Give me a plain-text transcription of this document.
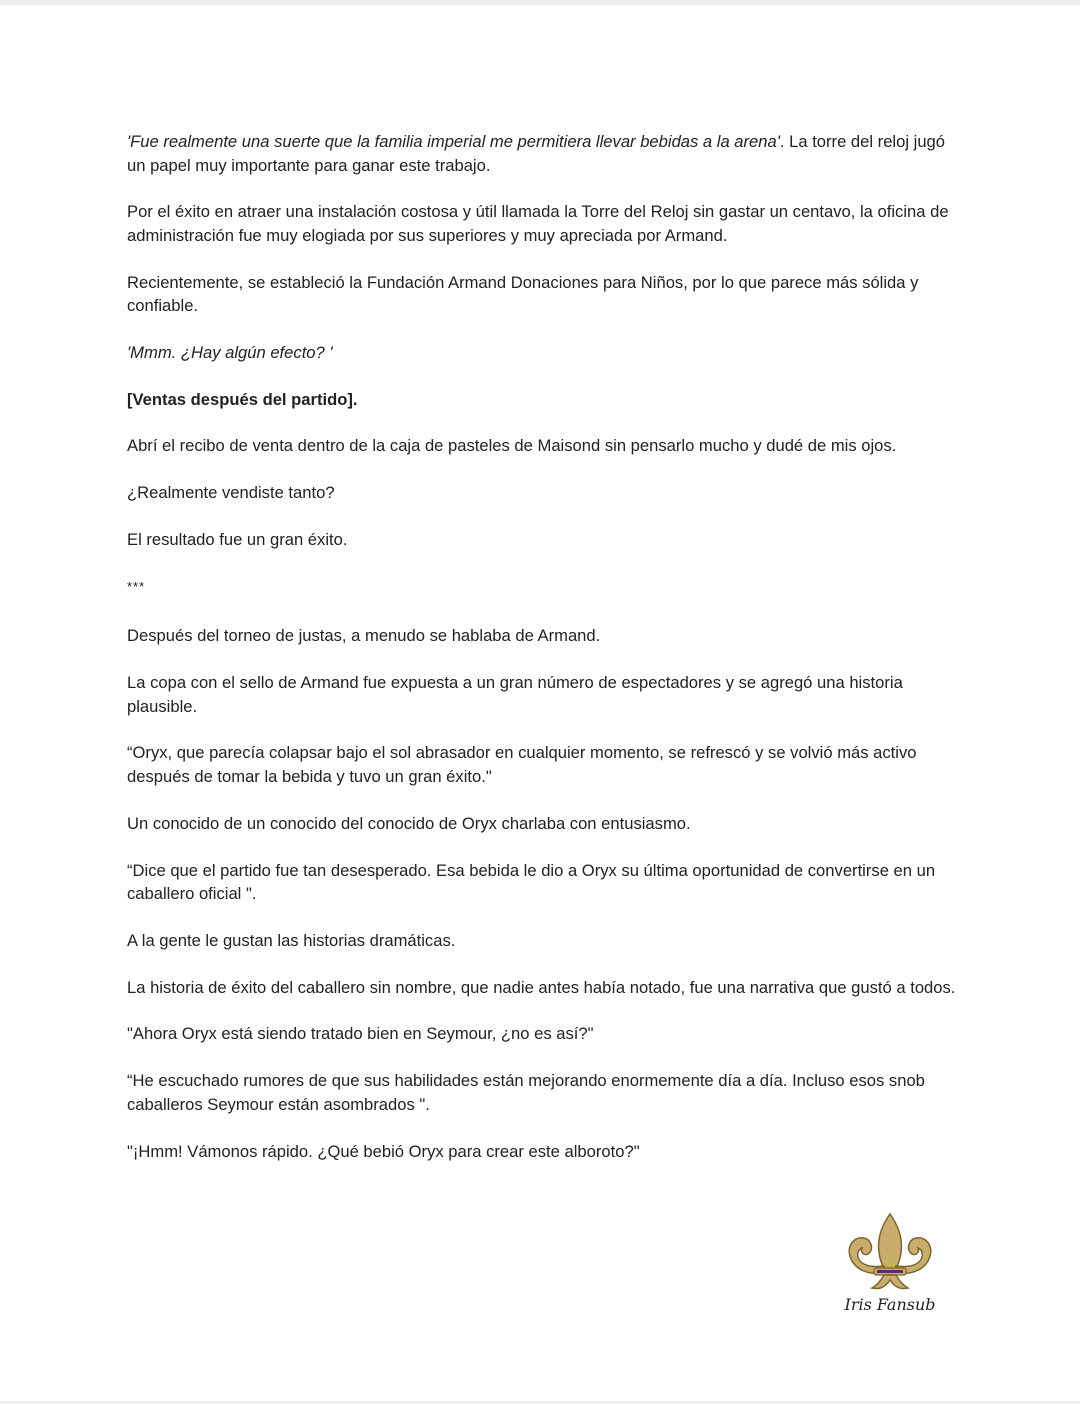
'Fue realmente una suerte que la familia imperial me permitiera llevar bebidas a la arena'. La torre del reloj jugó un papel muy importante para ganar este trabajo.

Por el éxito en atraer una instalación costosa y útil llamada la Torre del Reloj sin gastar un centavo, la oficina de administración fue muy elogiada por sus superiores y muy apreciada por Armand.

Recientemente, se estableció la Fundación Armand Donaciones para Niños, por lo que parece más sólida y confiable.

'Mmm. ¿Hay algún efecto? '

[Ventas después del partido].

Abrí el recibo de venta dentro de la caja de pasteles de Maisond sin pensarlo mucho y dudé de mis ojos.

¿Realmente vendiste tanto?

El resultado fue un gran éxito.

***

Después del torneo de justas, a menudo se hablaba de Armand.

La copa con el sello de Armand fue expuesta a un gran número de espectadores y se agregó una historia plausible.

“Oryx, que parecía colapsar bajo el sol abrasador en cualquier momento, se refrescó y se volvió más activo después de tomar la bebida y tuvo un gran éxito."

Un conocido de un conocido del conocido de Oryx charlaba con entusiasmo.

“Dice que el partido fue tan desesperado. Esa bebida le dio a Oryx su última oportunidad de convertirse en un caballero oficial ".

A la gente le gustan las historias dramáticas.

La historia de éxito del caballero sin nombre, que nadie antes había notado, fue una narrativa que gustó a todos.

"Ahora Oryx está siendo tratado bien en Seymour, ¿no es así?"

“He escuchado rumores de que sus habilidades están mejorando enormemente día a día. Incluso esos snob caballeros Seymour están asombrados ".

"¡Hmm! Vámonos rápido. ¿Qué bebió Oryx para crear este alboroto?"

Iris Fansub
